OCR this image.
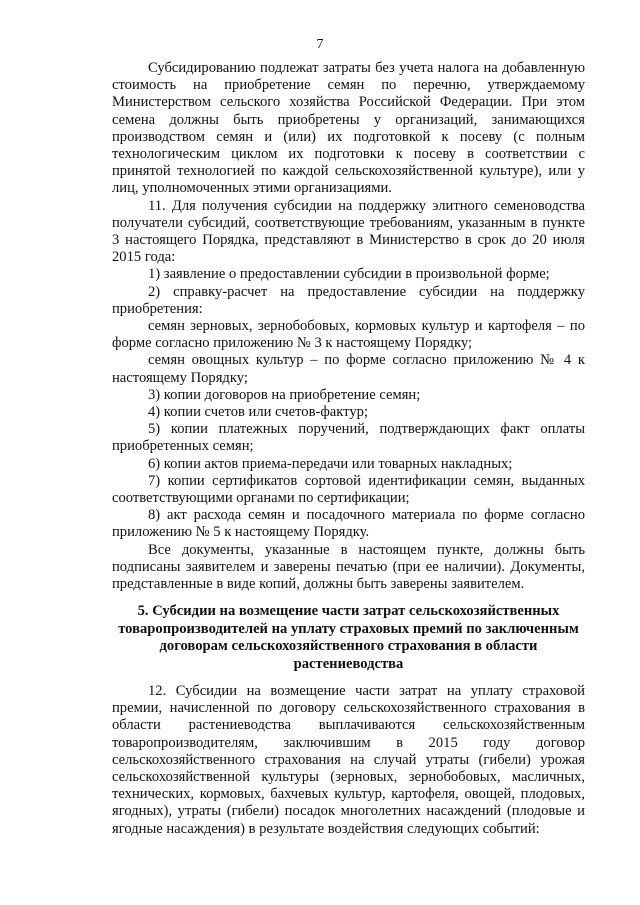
7

Субсидированию подлежат затраты без учета налога на добавленную стоимость на приобретение семян по перечню, утверждаемому Министерством сельского хозяйства Российской Федерации. При этом семена должны быть приобретены у организаций, занимающихся производством семян и (или) их подготовкой к посеву (с полным технологическим циклом их подготовки к посеву в соответствии с принятой технологией по каждой сельскохозяйственной культуре), или у лиц, уполномоченных этими организациями.

11. Для получения субсидии на поддержку элитного семеноводства получатели субсидий, соответствующие требованиям, указанным в пункте 3 настоящего Порядка, представляют в Министерство в срок до 20 июля 2015 года:

1) заявление о предоставлении субсидии в произвольной форме;

2) справку-расчет на предоставление субсидии на поддержку приобретения:

семян зерновых, зернобобовых, кормовых культур и картофеля – по форме согласно приложению № 3 к настоящему Порядку;

семян овощных культур – по форме согласно приложению № 4 к настоящему Порядку;

3) копии договоров на приобретение семян;

4) копии счетов или счетов-фактур;

5) копии платежных поручений, подтверждающих факт оплаты приобретенных семян;

6) копии актов приема-передачи или товарных накладных;

7) копии сертификатов сортовой идентификации семян, выданных соответствующими органами по сертификации;

8) акт расхода семян и посадочного материала по форме согласно приложению № 5 к настоящему Порядку.

Все документы, указанные в настоящем пункте, должны быть подписаны заявителем и заверены печатью (при ее наличии). Документы, представленные в виде копий, должны быть заверены заявителем.

5. Субсидии на возмещение части затрат сельскохозяйственных товаропроизводителей на уплату страховых премий по заключенным договорам сельскохозяйственного страхования в области растениеводства

12. Субсидии на возмещение части затрат на уплату страховой премии, начисленной по договору сельскохозяйственного страхования в области растениеводства выплачиваются сельскохозяйственным товаропроизводителям, заключившим в 2015 году договор сельскохозяйственного страхования на случай утраты (гибели) урожая сельскохозяйственной культуры (зерновых, зернобобовых, масличных, технических, кормовых, бахчевых культур, картофеля, овощей, плодовых, ягодных), утраты (гибели) посадок многолетних насаждений (плодовые и ягодные насаждения) в результате воздействия следующих событий:
